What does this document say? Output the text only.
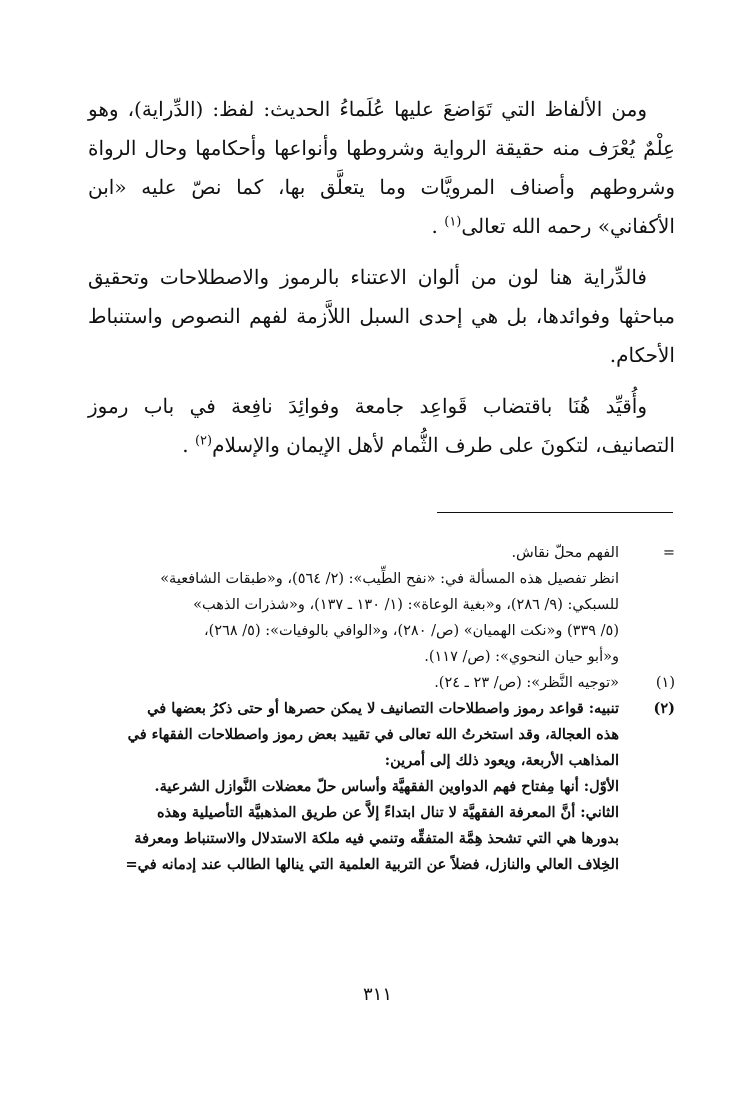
ومن الألفاظ التي تَوَاضعَ عليها عُلَماءُ الحديث: لفظ: (الدِّراية)، وهو عِلْمٌ يُعْرَف منه حقيقة الرواية وشروطها وأنواعها وأحكامها وحال الرواة وشروطهم وأصناف المرويَّات وما يتعلَّق بها، كما نصّ عليه «ابن الأكفاني» رحمه الله تعالى$^{(١)}$ .

فالدِّراية هنا لون من ألوان الاعتناء بالرموز والاصطلاحات وتحقيق مباحثها وفوائدها، بل هي إحدى السبل اللاَّزمة لفهم النصوص واستنباط الأحكام.

وأُقيِّد هُنَا باقتضاب قَواعِد جامعة وفوائِدَ نافِعة في باب رموز التصانيف، لتكونَ على طرف الثُّمام لأهل الإيمان والإسلام$^{(٢)}$ .

=
الفهم محلّ نقاش.
انظر تفصيل هذه المسألة في: «نفح الطِّيب»: (٢/ ٥٦٤)، و«طبقات الشافعية»
للسبكي: (٩/ ٢٨٦)، و«بغية الوعاة»: (١/ ١٣٠ ـ ١٣٧)، و«شذرات الذهب»
(٥/ ٣٣٩) و«نكت الهميان» (ص/ ٢٨٠)، و«الوافي بالوفيات»: (٥/ ٢٦٨)،
و«أبو حيان النحوي»: (ص/ ١١٧).
(١)
«توجيه النَّظر»: (ص/ ٢٣ ـ ٢٤).
(٢)
تنبيه: قواعد رموز واصطلاحات التصانيف لا يمكن حصرها أو حتى ذكرُ بعضها في
هذه العجالة، وقد استخرتُ الله تعالى في تقييد بعض رموز واصطلاحات الفقهاء في
المذاهب الأربعة، ويعود ذلك إلى أمرين:
الأوّل: أنها مِفتاح فهم الدواوين الفقهيَّة وأساس حلّ معضلات النَّوازل الشرعية.
الثاني: أنَّ المعرفة الفقهيَّة لا تنال ابتداءً إلاَّ عن طريق المذهبيَّة التأصيلية وهذه
بدورها هي التي تشحذ هِمَّة المتفقِّه وتنمي فيه ملكة الاستدلال والاستنباط ومعرفة
الخِلاف العالي والنازل، فضلاً عن التربية العلمية التي ينالها الطالب عند إدمانه في=
٣١١
